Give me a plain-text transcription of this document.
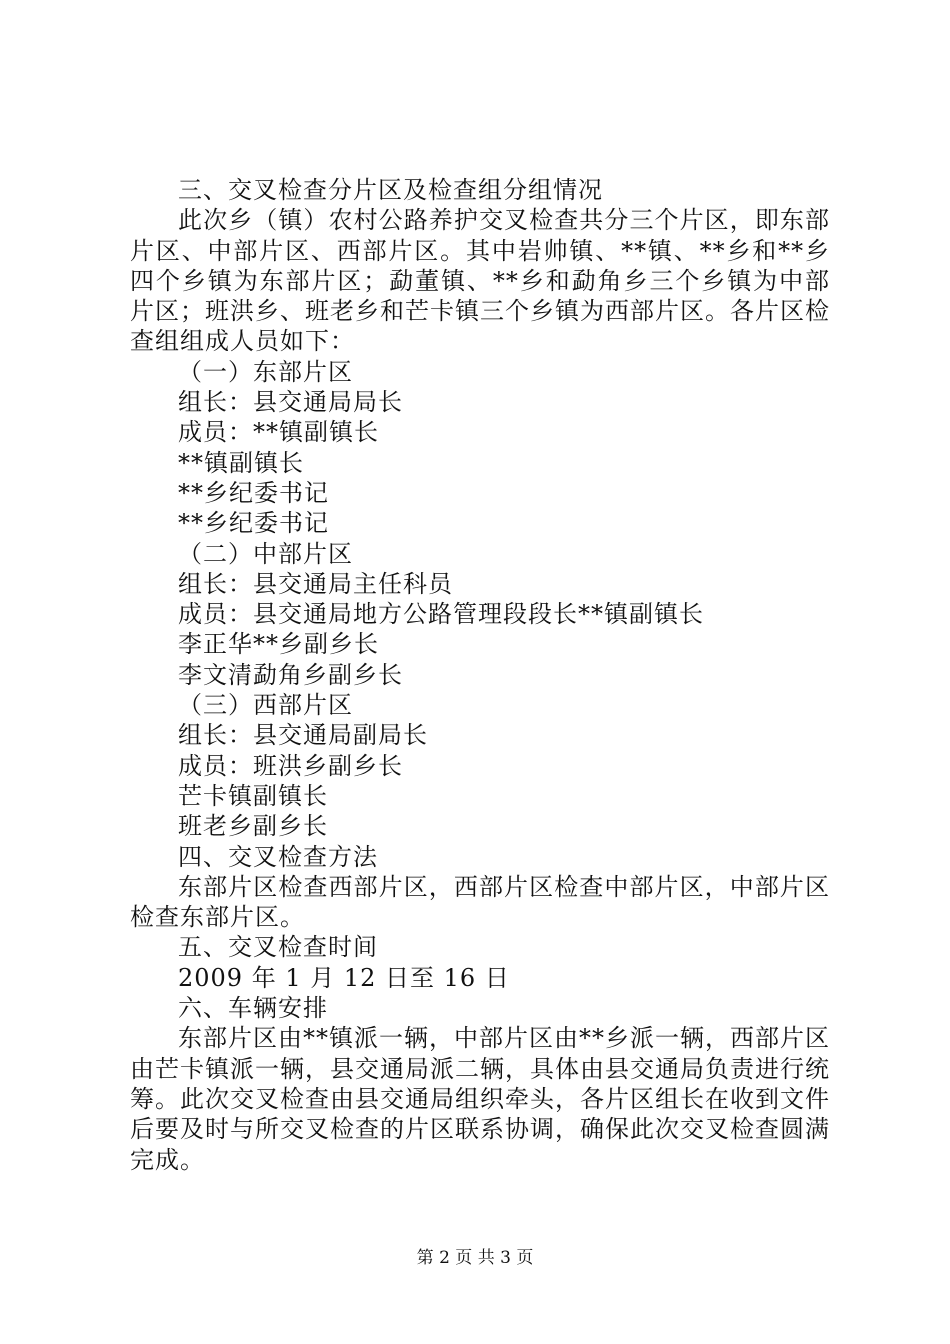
三、交叉检查分片区及检查组分组情况

此次乡（镇）农村公路养护交叉检查共分三个片区，即东部片区、中部片区、西部片区。其中岩帅镇、**镇、**乡和**乡四个乡镇为东部片区；勐董镇、**乡和勐角乡三个乡镇为中部片区；班洪乡、班老乡和芒卡镇三个乡镇为西部片区。各片区检查组组成人员如下：

（一）东部片区

组长：县交通局局长

成员：**镇副镇长

**镇副镇长

**乡纪委书记

**乡纪委书记

（二）中部片区

组长：县交通局主任科员

成员：县交通局地方公路管理段段长**镇副镇长

李正华**乡副乡长

李文清勐角乡副乡长

（三）西部片区

组长：县交通局副局长

成员：班洪乡副乡长

芒卡镇副镇长

班老乡副乡长

四、交叉检查方法

东部片区检查西部片区，西部片区检查中部片区，中部片区检查东部片区。

五、交叉检查时间

2009 年 1 月 12 日至 16 日

六、车辆安排

东部片区由**镇派一辆，中部片区由**乡派一辆，西部片区由芒卡镇派一辆，县交通局派二辆，具体由县交通局负责进行统筹。此次交叉检查由县交通局组织牵头，各片区组长在收到文件后要及时与所交叉检查的片区联系协调，确保此次交叉检查圆满完成。

第 2 页 共 3 页
